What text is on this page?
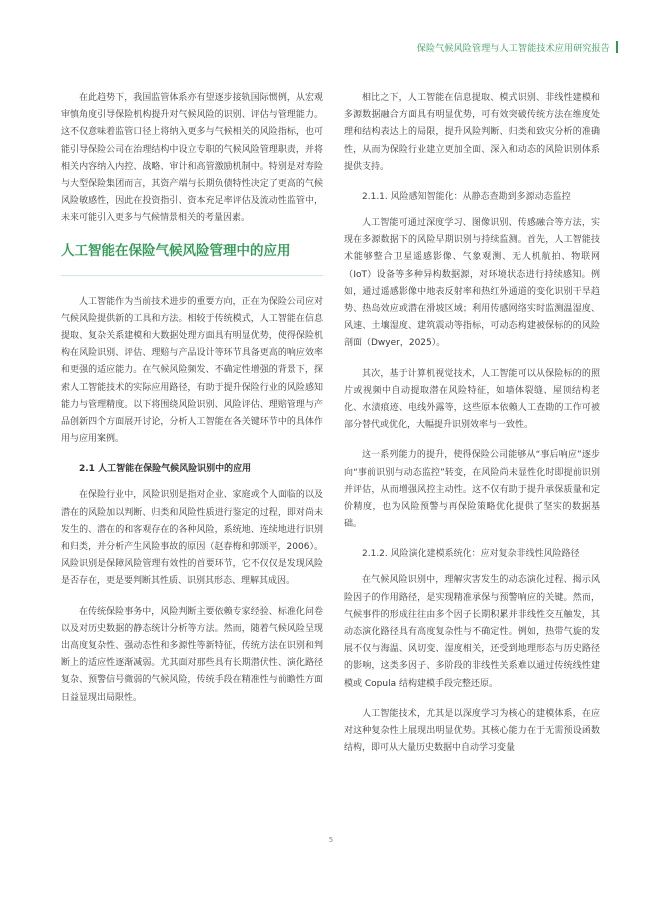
保险气候风险管理与人工智能技术应用研究报告

在此趋势下，我国监管体系亦有望逐步接轨国际惯例，从宏观审慎角度引导保险机构提升对气候风险的识别、评估与管理能力。这不仅意味着监管口径上将纳入更多与气候相关的风险指标，也可能引导保险公司在治理结构中设立专职的气候风险管理职责，并将相关内容纳入内控、战略、审计和高管激励机制中。特别是对寿险与大型保险集团而言，其资产端与长期负债特性决定了更高的气候风险敏感性，因此在投资指引、资本充足率评估及流动性监管中，未来可能引入更多与气候情景相关的考量因素。

人工智能在保险气候风险管理中的应用

人工智能作为当前技术进步的重要方向，正在为保险公司应对气候风险提供新的工具和方法。相较于传统模式，人工智能在信息提取、复杂关系建模和大数据处理方面具有明显优势，使得保险机构在风险识别、评估、理赔与产品设计等环节具备更高的响应效率和更强的适应能力。在气候风险频发、不确定性增强的背景下，探索人工智能技术的实际应用路径，有助于提升保险行业的风险感知能力与管理精度。以下将围绕风险识别、风险评估、理赔管理与产品创新四个方面展开讨论，分析人工智能在各关键环节中的具体作用与应用案例。

2.1 人工智能在保险气候风险识别中的应用

在保险行业中，风险识别是指对企业、家庭或个人面临的以及潜在的风险加以判断、归类和风险性质进行鉴定的过程，即对尚未发生的、潜在的和客观存在的各种风险，系统地、连续地进行识别和归类，并分析产生风险事故的原因（赵春梅和郭颂平，2006）。风险识别是保障风险管理有效性的首要环节，它不仅仅是发现风险是否存在，更是要判断其性质、识别其形态、理解其成因。

在传统保险事务中，风险判断主要依赖专家经验、标准化问卷以及对历史数据的静态统计分析等方法。然而，随着气候风险呈现出高度复杂性、强动态性和多源性等新特征，传统方法在识别和判断上的适应性逐渐减弱。尤其面对那些具有长期潜伏性、演化路径复杂、预警信号微弱的气候风险，传统手段在精准性与前瞻性方面日益显现出局限性。

相比之下，人工智能在信息提取、模式识别、非线性建模和多源数据融合方面具有明显优势，可有效突破传统方法在维度处理和结构表达上的局限，提升风险判断、归类和致灾分析的准确性，从而为保险行业建立更加全面、深入和动态的风险识别体系提供支持。

2.1.1. 风险感知智能化：从静态查勘到多源动态监控

人工智能可通过深度学习、图像识别、传感融合等方法，实现在多源数据下的风险早期识别与持续监测。首先，人工智能技术能够整合卫星遥感影像、气象观测、无人机航拍、物联网（IoT）设备等多种异构数据源，对环境状态进行持续感知。例如，通过遥感影像中地表反射率和热红外通道的变化识别干旱趋势、热岛效应或潜在滑坡区域；利用传感网络实时监测温湿度、风速、土壤湿度、建筑震动等指标，可动态构建被保标的的风险剖面（Dwyer，2025）。

其次，基于计算机视觉技术，人工智能可以从保险标的的照片或视频中自动提取潜在风险特征，如墙体裂缝、屋顶结构老化、水渍痕迹、电线外露等，这些原本依赖人工查勘的工作可被部分替代或优化，大幅提升识别效率与一致性。

这一系列能力的提升，使得保险公司能够从“事后响应”逐步向“事前识别与动态监控”转变，在风险尚未显性化时即提前识别并评估，从而增强风控主动性。这不仅有助于提升承保质量和定价精度，也为风险预警与再保险策略优化提供了坚实的数据基础。

2.1.2. 风险演化建模系统化：应对复杂非线性风险路径

在气候风险识别中，理解灾害发生的动态演化过程、揭示风险因子的作用路径，是实现精准承保与预警响应的关键。然而，气候事件的形成往往由多个因子长期积累并非线性交互触发，其动态演化路径具有高度复杂性与不确定性。例如，热带气旋的发展不仅与海温、风切变、湿度相关，还受到地理形态与历史路径的影响，这类多因子、多阶段的非线性关系难以通过传统线性建模或 Copula 结构建模手段完整还原。

人工智能技术，尤其是以深度学习为核心的建模体系，在应对这种复杂性上展现出明显优势。其核心能力在于无需预设函数结构，即可从大量历史数据中自动学习变量

5
